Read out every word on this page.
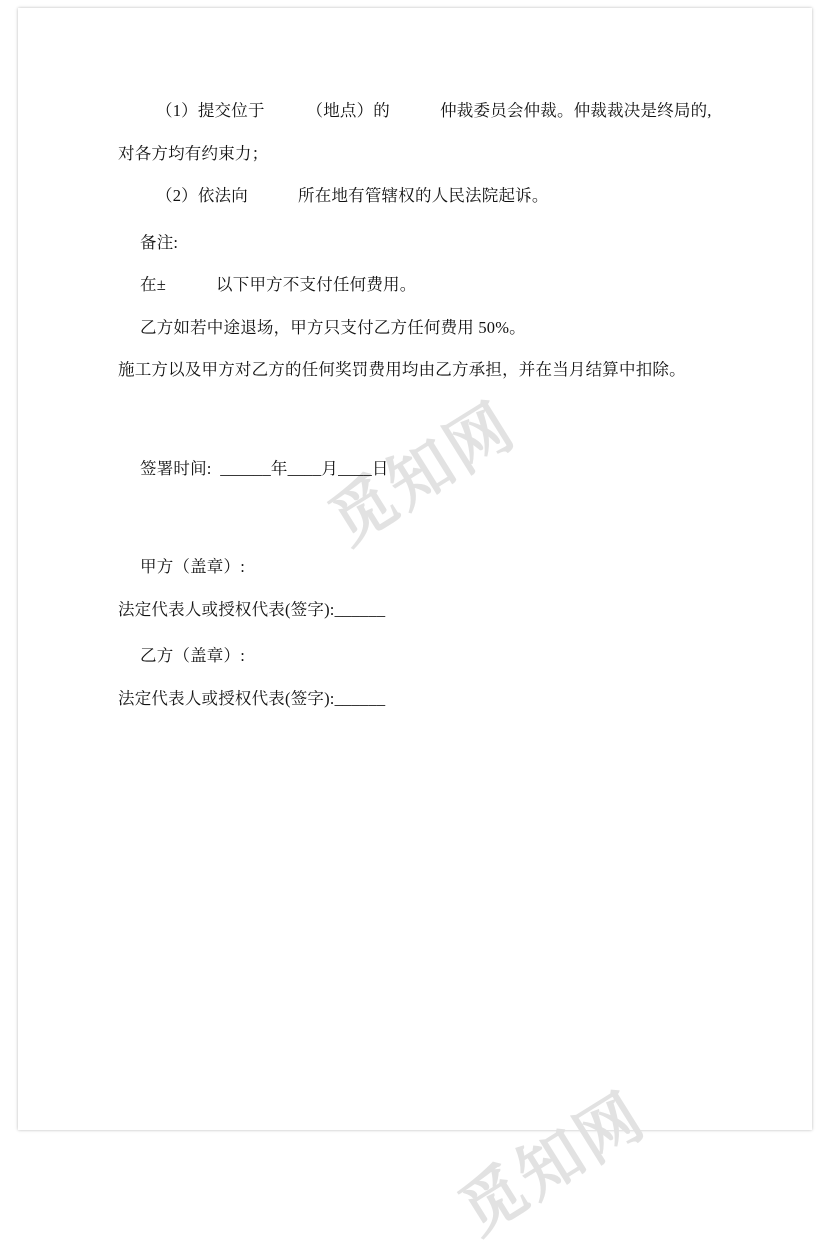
觅知网
觅知网
（1）提交位于　　　（地点）的　　　仲裁委员会仲裁。仲裁裁决是终局的,
对各方均有约束力；
（2）依法向　　　所在地有管辖权的人民法院起诉。
备注:
在±　　　以下甲方不支付任何费用。
乙方如若中途退场，甲方只支付乙方任何费用 50%。
施工方以及甲方对乙方的任何奖罚费用均由乙方承担，并在当月结算中扣除。
签署时间:  ______年____月____日
甲方（盖章）:
法定代表人或授权代表(签字):______
乙方（盖章）:
法定代表人或授权代表(签字):______
